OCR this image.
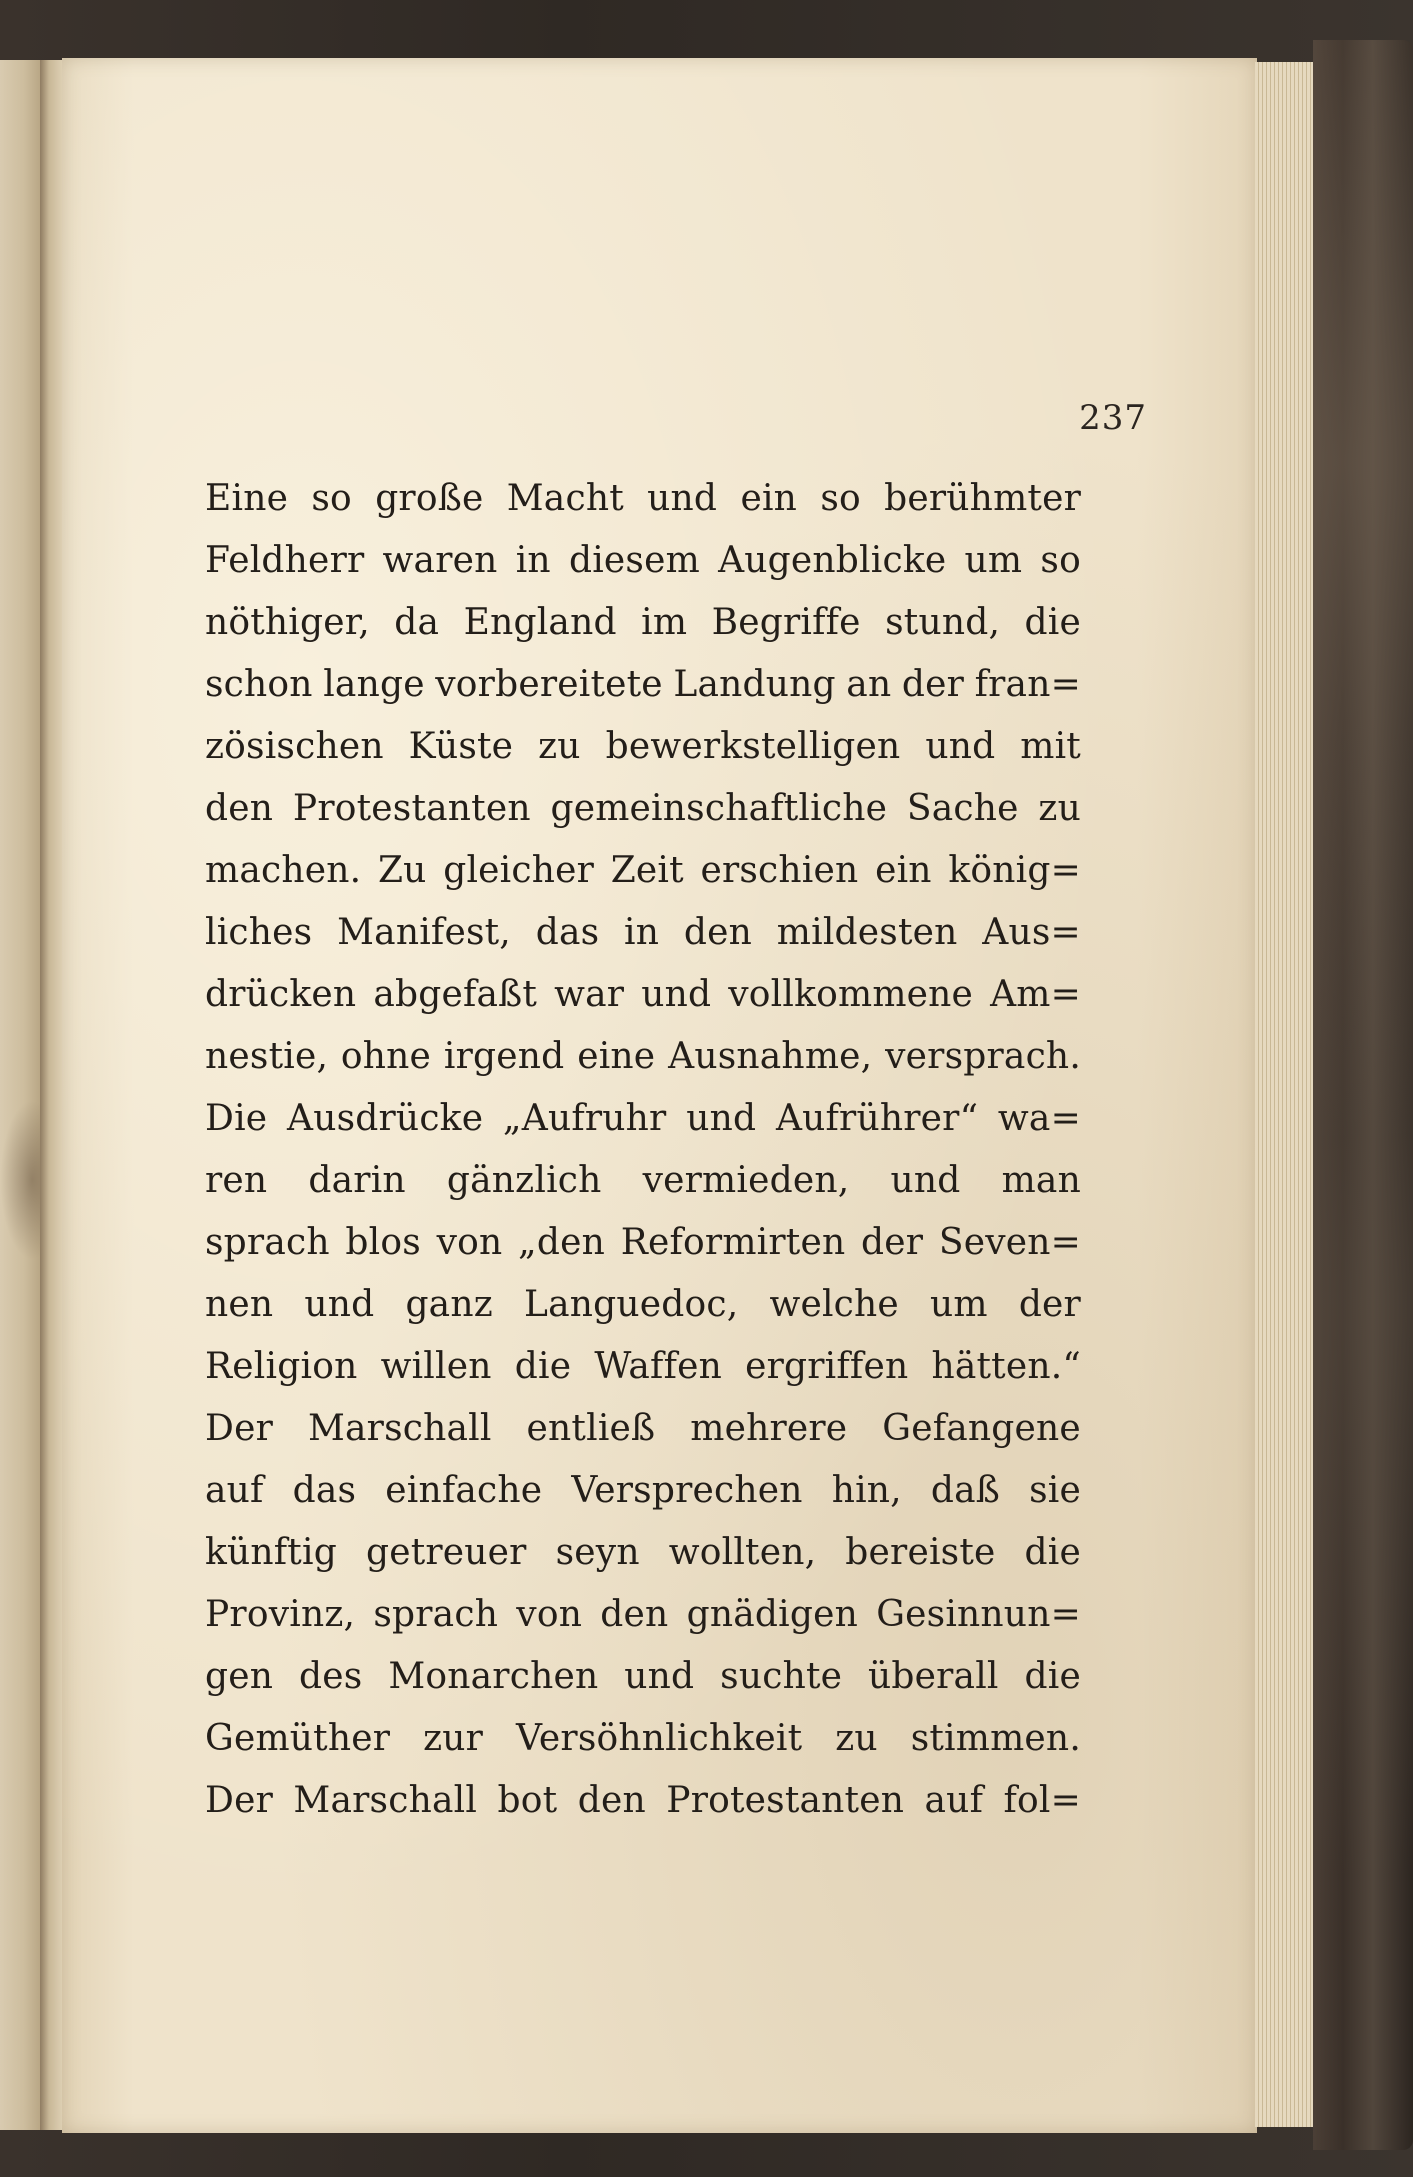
237
Eine so große Macht und ein so berühmter
Feldherr waren in diesem Augenblicke um so
nöthiger, da England im Begriffe stund, die
schon lange vorbereitete Landung an der fran=
zösischen Küste zu bewerkstelligen und mit
den Protestanten gemeinschaftliche Sache zu
machen. Zu gleicher Zeit erschien ein könig=
liches Manifest, das in den mildesten Aus=
drücken abgefaßt war und vollkommene Am=
nestie, ohne irgend eine Ausnahme, versprach.
Die Ausdrücke „Aufruhr und Aufrührer“ wa=
ren darin gänzlich vermieden, und man
sprach blos von „den Reformirten der Seven=
nen und ganz Languedoc, welche um der
Religion willen die Waffen ergriffen hätten.“
Der Marschall entließ mehrere Gefangene
auf das einfache Versprechen hin, daß sie
künftig getreuer seyn wollten, bereiste die
Provinz, sprach von den gnädigen Gesinnun=
gen des Monarchen und suchte überall die
Gemüther zur Versöhnlichkeit zu stimmen.
Der Marschall bot den Protestanten auf fol=
